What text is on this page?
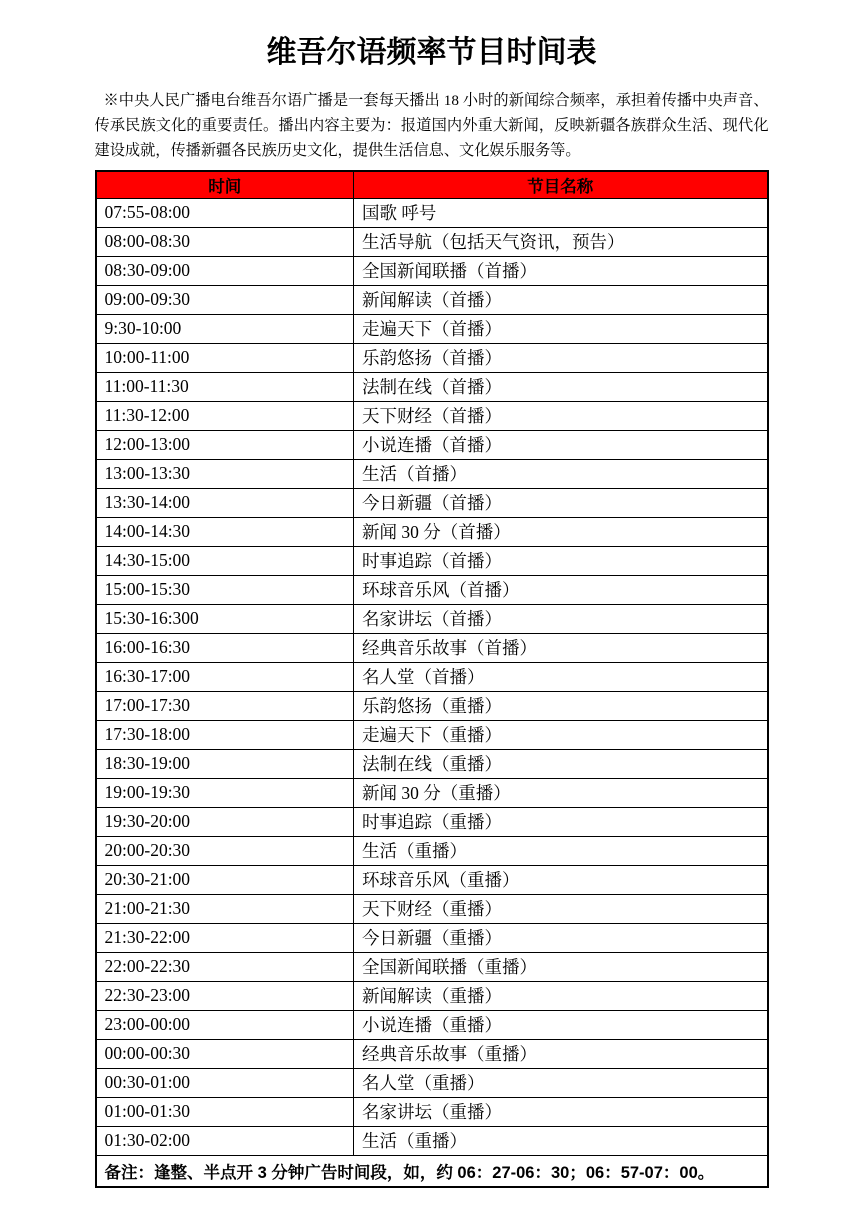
维吾尔语频率节目时间表

※中央人民广播电台维吾尔语广播是一套每天播出 18 小时的新闻综合频率，承担着传播中央声音、传承民族文化的重要责任。播出内容主要为：报道国内外重大新闻，反映新疆各族群众生活、现代化建设成就，传播新疆各民族历史文化，提供生活信息、文化娱乐服务等。

时间	节目名称
07:55-08:00	国歌 呼号
08:00-08:30	生活导航（包括天气资讯，预告）
08:30-09:00	全国新闻联播（首播）
09:00-09:30	新闻解读（首播）
9:30-10:00	走遍天下（首播）
10:00-11:00	乐韵悠扬（首播）
11:00-11:30	法制在线（首播）
11:30-12:00	天下财经（首播）
12:00-13:00	小说连播（首播）
13:00-13:30	生活（首播）
13:30-14:00	今日新疆（首播）
14:00-14:30	新闻 30 分（首播）
14:30-15:00	时事追踪（首播）
15:00-15:30	环球音乐风（首播）
15:30-16:300	名家讲坛（首播）
16:00-16:30	经典音乐故事（首播）
16:30-17:00	名人堂（首播）
17:00-17:30	乐韵悠扬（重播）
17:30-18:00	走遍天下（重播）
18:30-19:00	法制在线（重播）
19:00-19:30	新闻 30 分（重播）
19:30-20:00	时事追踪（重播）
20:00-20:30	生活（重播）
20:30-21:00	环球音乐风（重播）
21:00-21:30	天下财经（重播）
21:30-22:00	今日新疆（重播）
22:00-22:30	全国新闻联播（重播）
22:30-23:00	新闻解读（重播）
23:00-00:00	小说连播（重播）
00:00-00:30	经典音乐故事（重播）
00:30-01:00	名人堂（重播）
01:00-01:30	名家讲坛（重播）
01:30-02:00	生活（重播）
备注：逢整、半点开 3 分钟广告时间段，如，约 06：27-06：30；06：57-07：00。	
